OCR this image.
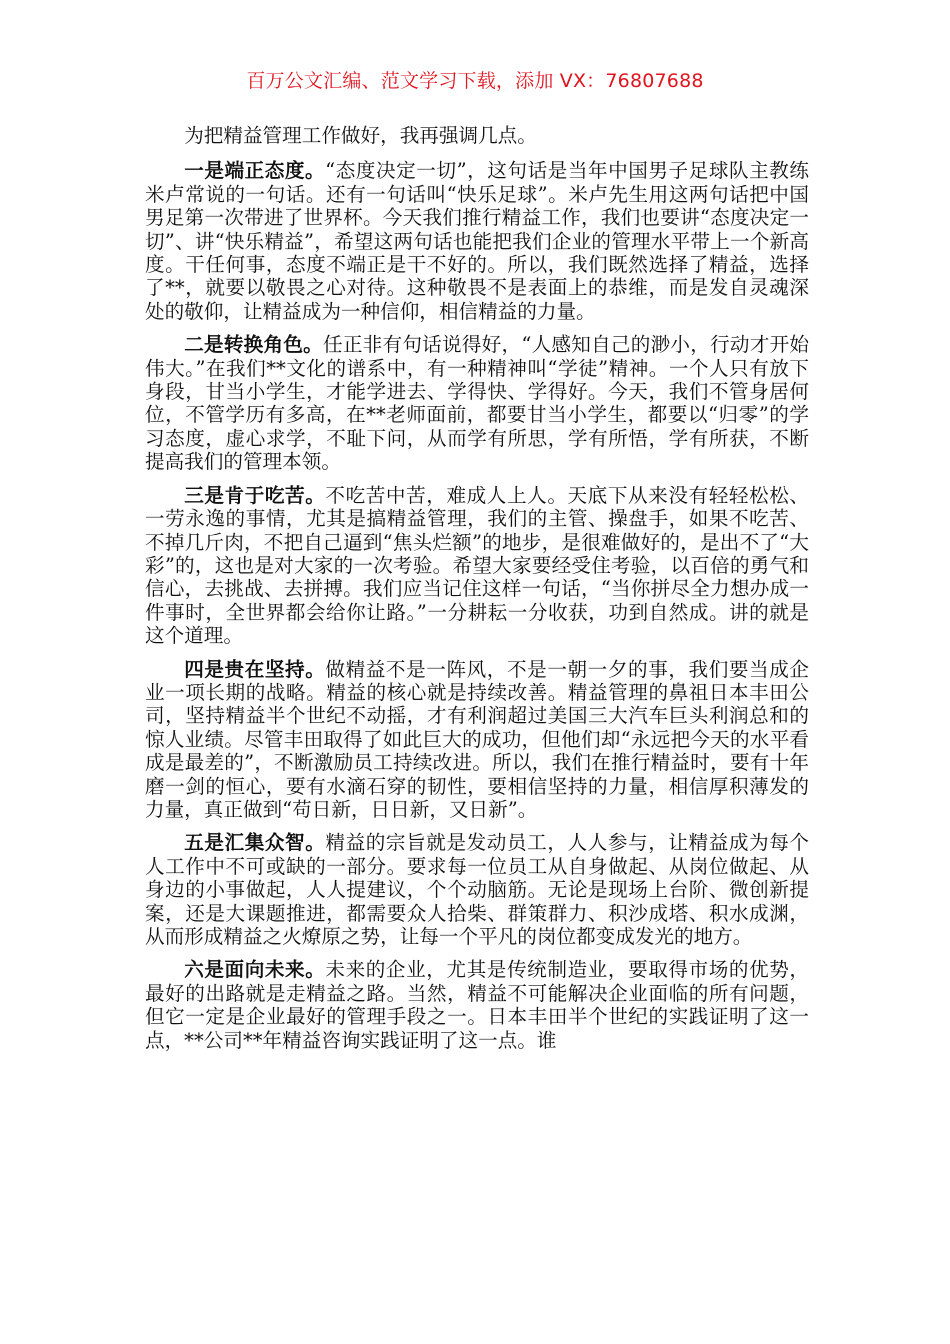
百万公文汇编、范文学习下载，添加 VX：76807688

为把精益管理工作做好，我再强调几点。

一是端正态度。“态度决定一切”，这句话是当年中国男子足球队主教练米卢常说的一句话。还有一句话叫“快乐足球”。米卢先生用这两句话把中国男足第一次带进了世界杯。今天我们推行精益工作，我们也要讲“态度决定一切”、讲“快乐精益”，希望这两句话也能把我们企业的管理水平带上一个新高度。干任何事，态度不端正是干不好的。所以，我们既然选择了精益，选择了**，就要以敬畏之心对待。这种敬畏不是表面上的恭维，而是发自灵魂深处的敬仰，让精益成为一种信仰，相信精益的力量。

二是转换角色。任正非有句话说得好，“人感知自己的渺小，行动才开始伟大。”在我们**文化的谱系中，有一种精神叫“学徒”精神。一个人只有放下身段，甘当小学生，才能学进去、学得快、学得好。今天，我们不管身居何位，不管学历有多高，在**老师面前，都要甘当小学生，都要以“归零”的学习态度，虚心求学，不耻下问，从而学有所思，学有所悟，学有所获，不断提高我们的管理本领。

三是肯于吃苦。不吃苦中苦，难成人上人。天底下从来没有轻轻松松、一劳永逸的事情，尤其是搞精益管理，我们的主管、操盘手，如果不吃苦、不掉几斤肉，不把自己逼到“焦头烂额”的地步，是很难做好的，是出不了“大彩”的，这也是对大家的一次考验。希望大家要经受住考验，以百倍的勇气和信心，去挑战、去拼搏。我们应当记住这样一句话，“当你拼尽全力想办成一件事时，全世界都会给你让路。”一分耕耘一分收获，功到自然成。讲的就是这个道理。

四是贵在坚持。做精益不是一阵风，不是一朝一夕的事，我们要当成企业一项长期的战略。精益的核心就是持续改善。精益管理的鼻祖日本丰田公司，坚持精益半个世纪不动摇，才有利润超过美国三大汽车巨头利润总和的惊人业绩。尽管丰田取得了如此巨大的成功，但他们却“永远把今天的水平看成是最差的”，不断激励员工持续改进。所以，我们在推行精益时，要有十年磨一剑的恒心，要有水滴石穿的韧性，要相信坚持的力量，相信厚积薄发的力量，真正做到“苟日新，日日新，又日新”。

五是汇集众智。精益的宗旨就是发动员工，人人参与，让精益成为每个人工作中不可或缺的一部分。要求每一位员工从自身做起、从岗位做起、从身边的小事做起，人人提建议，个个动脑筋。无论是现场上台阶、微创新提案，还是大课题推进，都需要众人拾柴、群策群力、积沙成塔、积水成渊，从而形成精益之火燎原之势，让每一个平凡的岗位都变成发光的地方。

六是面向未来。未来的企业，尤其是传统制造业，要取得市场的优势，最好的出路就是走精益之路。当然，精益不可能解决企业面临的所有问题，但它一定是企业最好的管理手段之一。日本丰田半个世纪的实践证明了这一点，**公司**年精益咨询实践证明了这一点。谁
